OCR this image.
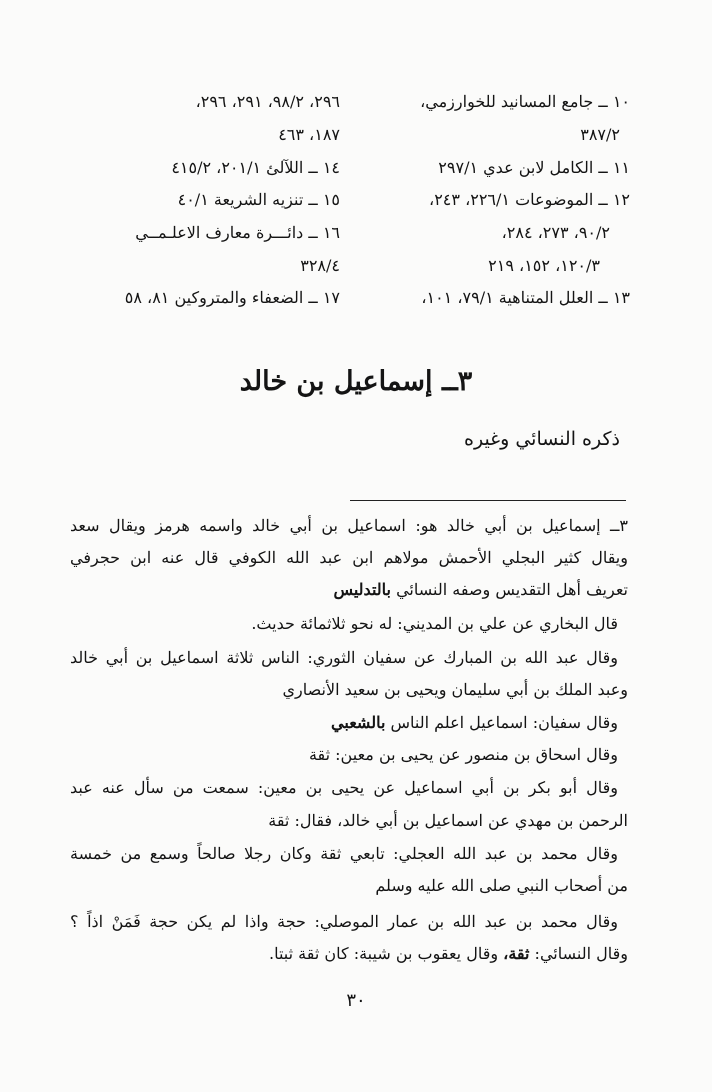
١٠ ــ جامع المسانيد للخوارزمي،
٣٨٧/٢
١١ ــ الكامل لابن عدي ٢٩٧/١
١٢ ــ الموضوعات ٢٢٦/١، ٢٤٣،
٩٠/٢، ٢٧٣، ٢٨٤،
١٢٠/٣، ١٥٢، ٢١٩
١٣ ــ العلل المتناهية ٧٩/١، ١٠١،
٢٩٦، ٩٨/٢، ٢٩١، ٢٩٦،
١٨٧، ٤٦٣
١٤ ــ اللآلئ ٢٠١/١، ٤١٥/٢
١٥ ــ تنزيه الشريعة ٤٠/١
١٦ ــ دائـــرة معارف الاعلـمــي
٣٢٨/٤
١٧ ــ الضعفاء والمتروكين ٨١، ٥٨
٣ــ إسماعيل بن خالد
ذكره النسائي وغيره
٣ــ إسماعيل بن أبي خالد هو: اسماعيل بن أبي خالد واسمه هرمز ويقال سعد
ويقال كثير البجلي الأحمش مولاهم ابن عبد الله الكوفي قال عنه ابن حجرفي
تعريف أهل التقديس وصفه النسائي بالتدليس
قال البخاري عن علي بن المديني: له نحو ثلاثمائة حديث.
وقال عبد الله بن المبارك عن سفيان الثوري: الناس ثلاثة اسماعيل بن أبي خالد
وعبد الملك بن أبي سليمان ويحيى بن سعيد الأنصاري
وقال سفيان: اسماعيل اعلم الناس بالشعبي
وقال اسحاق بن منصور عن يحيى بن معين: ثقة
وقال أبو بكر بن أبي اسماعيل عن يحيى بن معين: سمعت من سأل عنه عبد
الرحمن بن مهدي عن اسماعيل بن أبي خالد، فقال: ثقة
وقال محمد بن عبد الله العجلي: تابعي ثقة وكان رجلا صالحاً وسمع من خمسة
من أصحاب النبي صلى الله عليه وسلم
وقال محمد بن عبد الله بن عمار الموصلي: حجة واذا لم يكن حجة فَمَنْ اذاً ؟
وقال النسائي: ثقة، وقال يعقوب بن شيبة: كان ثقة ثبتا.
٣٠
